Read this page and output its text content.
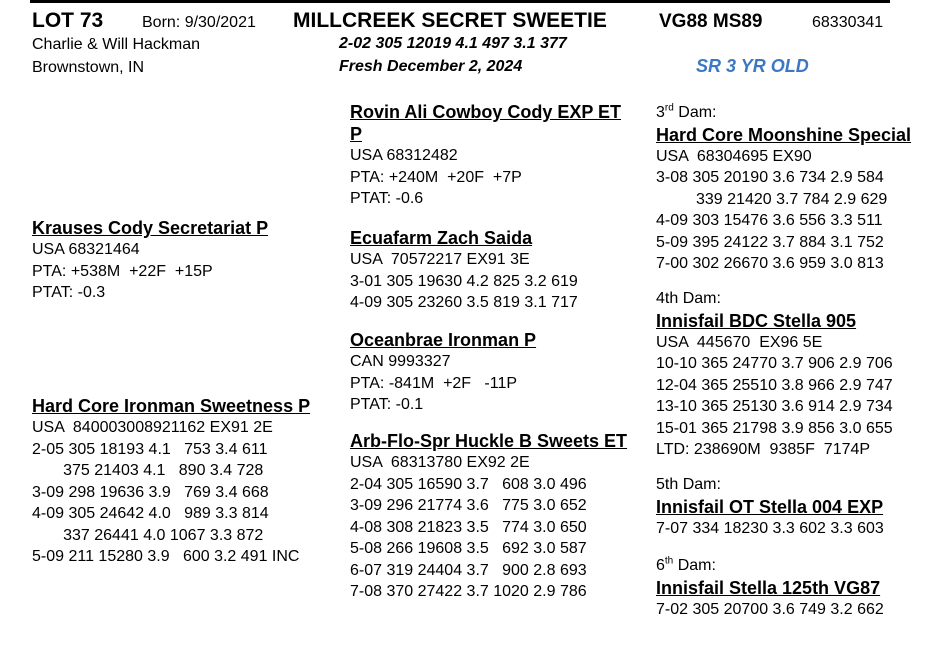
LOT 73 Born: 9/30/2021 MILLCREEK SECRET SWEETIE	VG88 MS89	68330341
Charlie & Will Hackman	2-02 305 12019 4.1 497 3.1 377
Brownstown, IN	Fresh December 2, 2024	SR 3 YR OLD
Krauses Cody Secretariat P
USA 68321464
PTA: +538M  +22F  +15P
PTAT: -0.3
Hard Core Ironman Sweetness P
USA  840003008921162 EX91 2E
2-05 305 18193 4.1   753 3.4 611
375 21403 4.1   890 3.4 728
3-09 298 19636 3.9   769 3.4 668
4-09 305 24642 4.0   989 3.3 814
337 26441 4.0 1067 3.3 872
5-09 211 15280 3.9   600 3.2 491 INC
Rovin Ali Cowboy Cody EXP ET P
USA 68312482
PTA: +240M  +20F  +7P
PTAT: -0.6
Ecuafarm Zach Saida
USA  70572217 EX91 3E
3-01 305 19630 4.2 825 3.2 619
4-09 305 23260 3.5 819 3.1 717
Oceanbrae Ironman P
CAN 9993327
PTA: -841M  +2F   -11P
PTAT: -0.1
Arb-Flo-Spr Huckle B Sweets ET
USA  68313780 EX92 2E
2-04 305 16590 3.7   608 3.0 496
3-09 296 21774 3.6   775 3.0 652
4-08 308 21823 3.5   774 3.0 650
5-08 266 19608 3.5   692 3.0 587
6-07 319 24404 3.7   900 2.8 693
7-08 370 27422 3.7 1020 2.9 786
3rd Dam:
Hard Core Moonshine Special
USA  68304695 EX90
3-08 305 20190 3.6 734 2.9 584
339 21420 3.7 784 2.9 629
4-09 303 15476 3.6 556 3.3 511
5-09 395 24122 3.7 884 3.1 752
7-00 302 26670 3.6 959 3.0 813
4th Dam:
Innisfail BDC Stella 905
USA  445670  EX96 5E
10-10 365 24770 3.7 906 2.9 706
12-04 365 25510 3.8 966 2.9 747
13-10 365 25130 3.6 914 2.9 734
15-01 365 21798 3.9 856 3.0 655
LTD: 238690M  9385F  7174P
5th Dam:
Innisfail OT Stella 004 EXP
7-07 334 18230 3.3 602 3.3 603
6th Dam:
Innisfail Stella 125th VG87
7-02 305 20700 3.6 749 3.2 662
